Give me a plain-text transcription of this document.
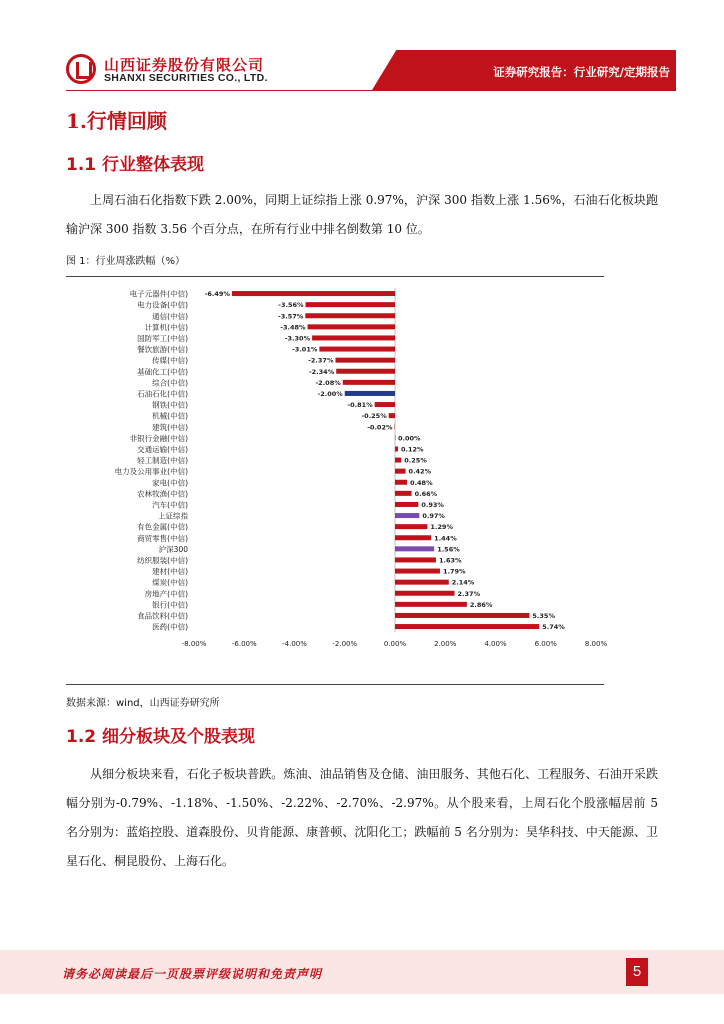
山西证券股份有限公司
SHANXI SECURITIES CO., LTD.	证券研究报告：行业研究/定期报告
1.行情回顾
1.1 行业整体表现
上周石油石化指数下跌 2.00%，同期上证综指上涨 0.97%，沪深 300 指数上涨 1.56%，石油石化板块跑输沪深 300 指数 3.56 个百分点，在所有行业中排名倒数第 10 位。
图 1：行业周涨跌幅（%）
电子元器件(中信)
电力设备(中信)
通信(中信)
计算机(中信)
国防军工(中信)
餐饮旅游(中信)
传媒(中信)
基础化工(中信)
综合(中信)
石油石化(中信)
钢铁(中信)
机械(中信)
建筑(中信)
非银行金融(中信)
交通运输(中信)
轻工制造(中信)
电力及公用事业(中信)
家电(中信)
农林牧渔(中信)
汽车(中信)
上证综指
有色金属(中信)
商贸零售(中信)
沪深300
纺织服装(中信)
建材(中信)
煤炭(中信)
房地产(中信)
银行(中信)
食品饮料(中信)
医药(中信)
-6.49%
-3.56%
-3.57%
-3.48%
-3.30%
-3.01%
-2.37%
-2.34%
-2.08%
-2.00%
-0.81%
-0.25%
-0.02%
0.00%
0.12%
0.25%
0.42%
0.48%
0.66%
0.93%
0.97%
1.29%
1.44%
1.56%
1.63%
1.79%
2.14%
2.37%
2.86%
5.35%
5.74%
-8.00%	-6.00%	-4.00%	-2.00%	0.00%	2.00%	4.00%	6.00%	8.00%
数据来源：wind，山西证券研究所
1.2 细分板块及个股表现
从细分板块来看，石化子板块普跌。炼油、油品销售及仓储、油田服务、其他石化、工程服务、石油开采跌幅分别为-0.79%、-1.18%、-1.50%、-2.22%、-2.70%、-2.97%。从个股来看，上周石化个股涨幅居前 5 名分别为：蓝焰控股、道森股份、贝肯能源、康普顿、沈阳化工；跌幅前 5 名分别为：昊华科技、中天能源、卫星石化、桐昆股份、上海石化。
请务必阅读最后一页股票评级说明和免责声明	5
